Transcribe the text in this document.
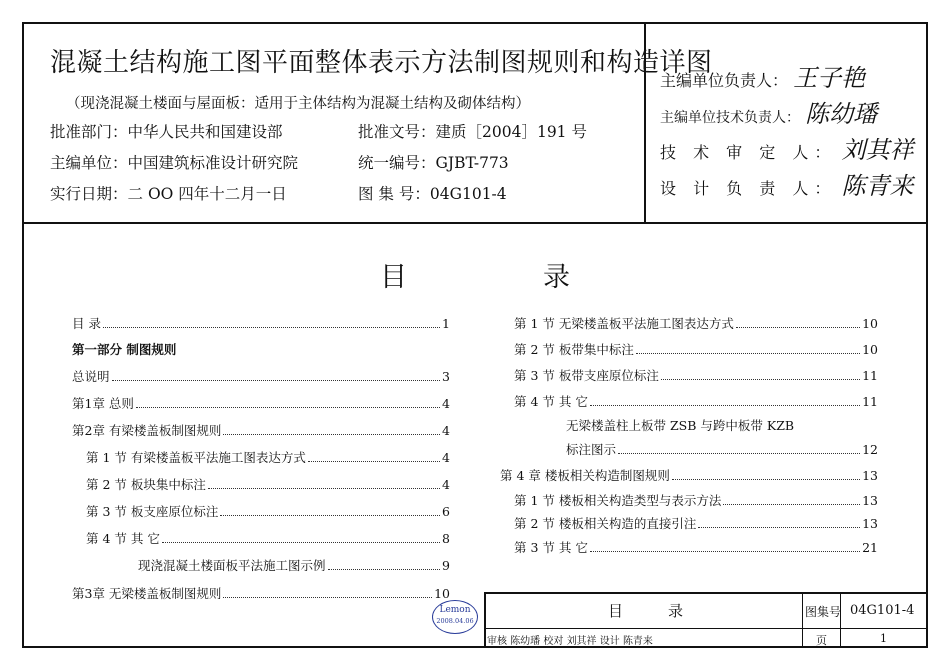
混凝土结构施工图平面整体表示方法制图规则和构造详图
（现浇混凝土楼面与屋面板：适用于主体结构为混凝土结构及砌体结构）
批准部门：中华人民共和国建设部	批准文号：建质［2004］191 号
主编单位：中国建筑标准设计研究院	统一编号：GJBT-773
实行日期：二 OO 四年十二月一日	图 集 号：04G101-4
主编单位负责人： 王子艳
主编单位技术负责人： 陈幼璠
技 术 审 定 人： 刘其祥
设 计 负 责 人： 陈青来
目	录
目 录	1
第一部分 制图规则
总说明	3
第1章 总则	4
第2章 有梁楼盖板制图规则	4
第 1 节 有梁楼盖板平法施工图表达方式	4
第 2 节 板块集中标注	4
第 3 节 板支座原位标注	6
第 4 节 其 它	8
现浇混凝土楼面板平法施工图示例	9
第3章 无梁楼盖板制图规则	10
第 1 节 无梁楼盖板平法施工图表达方式	10
第 2 节 板带集中标注	10
第 3 节 板带支座原位标注	11
第 4 节 其 它	11
无梁楼盖柱上板带 ZSB 与跨中板带 KZB
标注图示	12
第 4 章 楼板相关构造制图规则	13
第 1 节 楼板相关构造类型与表示方法	13
第 2 节 楼板相关构造的直接引注	13
第 3 节 其 它	21
Lemon
2008.04.06
目	录	图集号 04G101-4
审核 陈幼璠 校对 刘其祥 设计 陈青来	页	1
